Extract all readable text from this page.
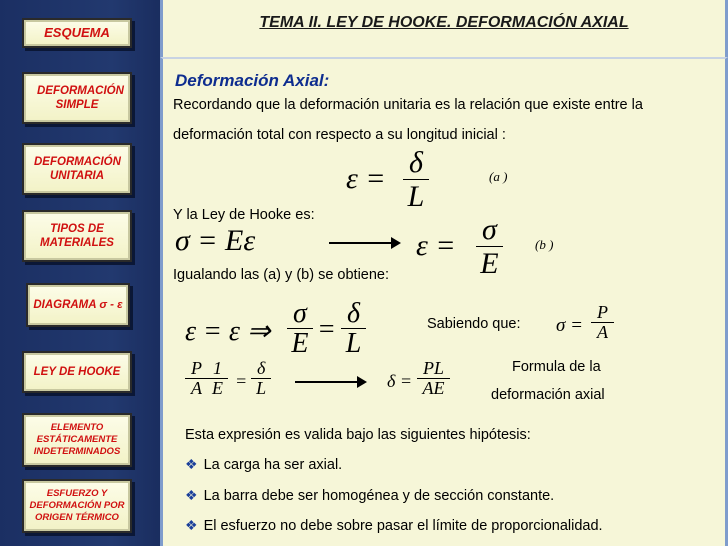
ESQUEMA
DEFORMACIÓN SIMPLE
DEFORMACIÓN UNITARIA
TIPOS DE MATERIALES
DIAGRAMA σ - ε
LEY DE HOOKE
ELEMENTO ESTÁTICAMENTE INDETERMINADOS
ESFUERZO Y DEFORMACIÓN POR ORIGEN TÉRMICO
TEMA II. LEY DE HOOKE. DEFORMACIÓN AXIAL
Deformación Axial:
Recordando que la deformación unitaria es la relación que existe entre la
deformación total con respecto a su longitud inicial :
$\varepsilon = \frac{\delta}{L}$	(a )
Y la Ley de Hooke es:
σ = Eε	$\varepsilon = \frac{\sigma}{E} (b$ )
Igualando las (a) y (b) se obtiene:
ε = ε ⇒ $\frac{\sigma}{E} = \frac{\delta}{L}$	Sabiendo que: $\sigma = \frac{P}{A}$
$\frac{P}{A} \frac{1}{E} = \frac{\delta}{L}$	$\delta = \frac{PL}{AE}$	Formula de la
deformación axial
Esta expresión es valida bajo las siguientes hipótesis:
❖ La carga ha ser axial.
❖ La barra debe ser homogénea y de sección constante.
❖ El esfuerzo no debe sobre pasar el límite de proporcionalidad.
